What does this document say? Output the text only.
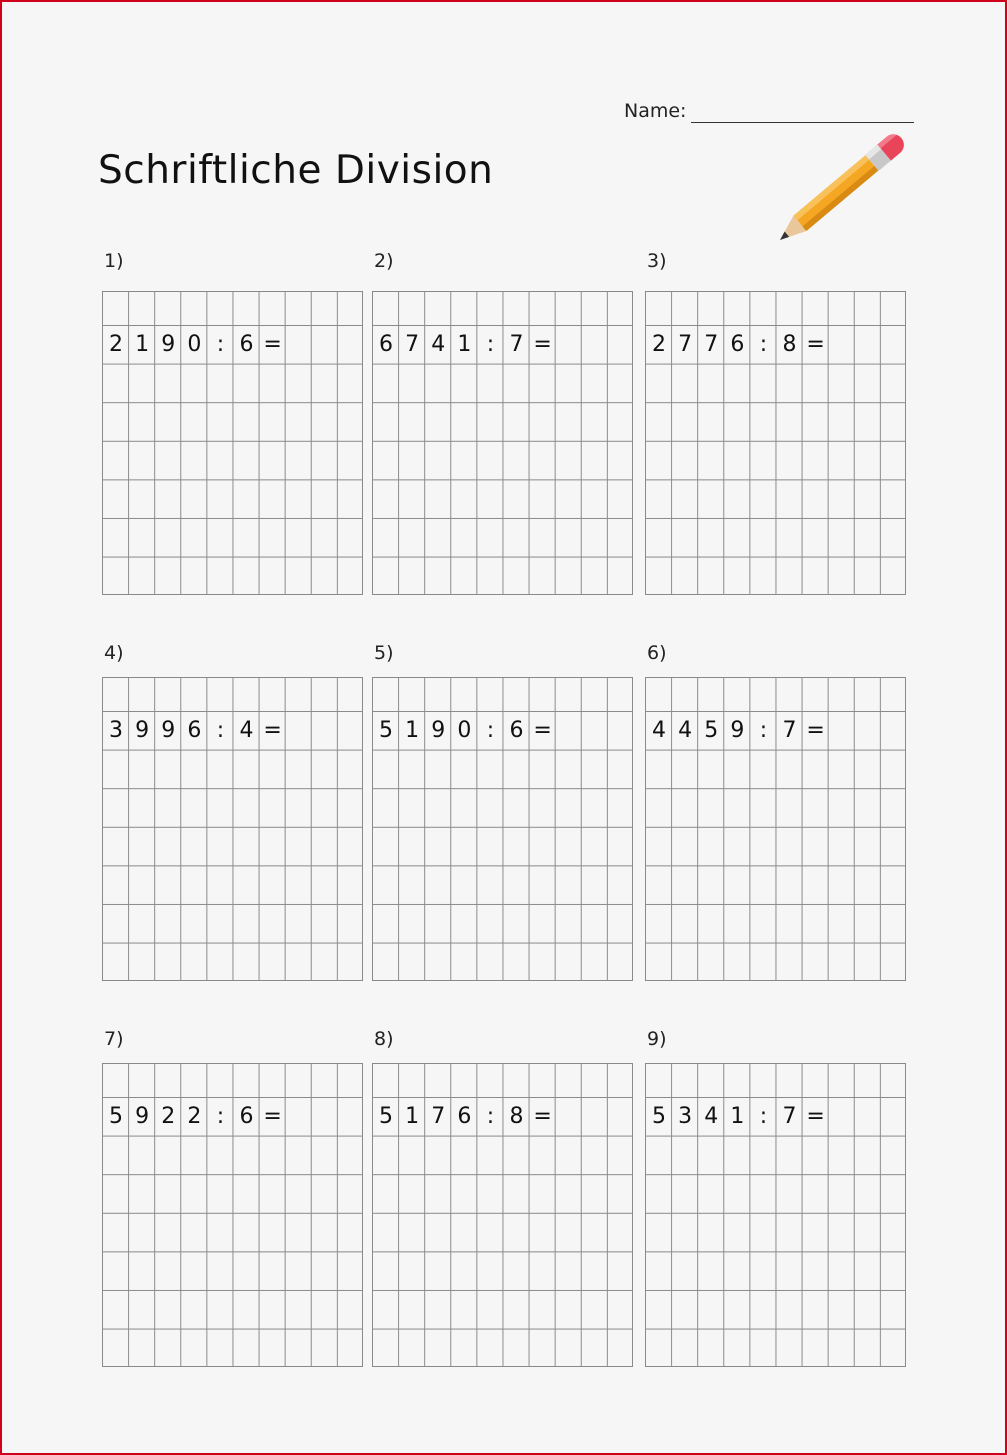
Name:
Schriftliche Division
1)
2 1 9 0 : 6 =
2)
6 7 4 1 : 7 =
3)
2 7 7 6 : 8 =
4)
3 9 9 6 : 4 =
5)
5 1 9 0 : 6 =
6)
4 4 5 9 : 7 =
7)
5 9 2 2 : 6 =
8)
5 1 7 6 : 8 =
9)
5 3 4 1 : 7 =
